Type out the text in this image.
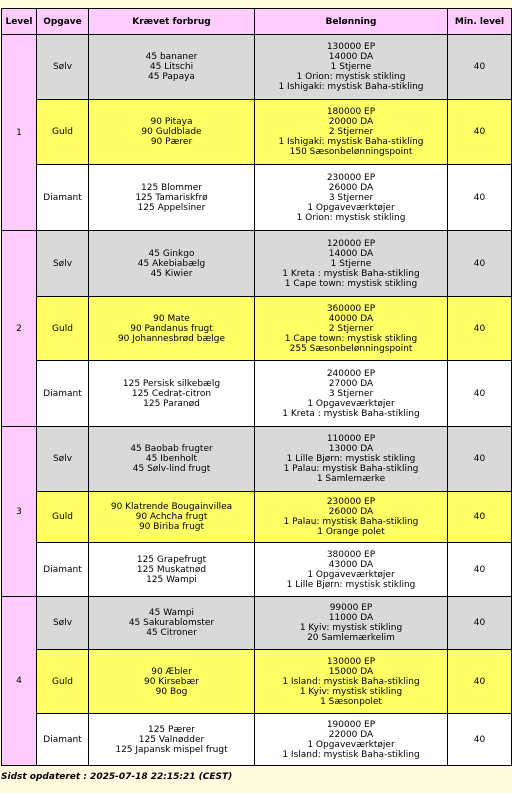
Level	Opgave	Krævet forbrug	Belønning	Min. level
1	Sølv	45 bananer
45 Litschi
45 Papaya	130000 EP
14000 DA
1 Stjerne
1 Orion: mystisk stikling
1 Ishigaki: mystisk Baha-stikling	40
	Guld	90 Pitaya
90 Guldblade
90 Pærer	180000 EP
20000 DA
2 Stjerner
1 Ishigaki: mystisk Baha-stikling
150 Sæsonbelønningspoint	40
	Diamant	125 Blommer
125 Tamariskfrø
125 Appelsiner	230000 EP
26000 DA
3 Stjerner
1 Opgaveværktøjer
1 Orion: mystisk stikling	40
2	Sølv	45 Ginkgo
45 Akebiabælg
45 Kiwier	120000 EP
14000 DA
1 Stjerne
1 Kreta : mystisk Baha-stikling
1 Cape town: mystisk stikling	40
	Guld	90 Mate
90 Pandanus frugt
90 Johannesbrød bælge	360000 EP
40000 DA
2 Stjerner
1 Cape town: mystisk stikling
255 Sæsonbelønningspoint	40
	Diamant	125 Persisk silkebælg
125 Cedrat-citron
125 Paranød	240000 EP
27000 DA
3 Stjerner
1 Opgaveværktøjer
1 Kreta : mystisk Baha-stikling	40
3	Sølv	45 Baobab frugter
45 Ibenholt
45 Sølv-lind frugt	110000 EP
13000 DA
1 Lille Bjørn: mystisk stikling
1 Palau: mystisk Baha-stikling
1 Samlemærke	40
	Guld	90 Klatrende Bougainvillea
90 Achcha frugt
90 Biriba frugt	230000 EP
26000 DA
1 Palau: mystisk Baha-stikling
1 Orange polet	40
	Diamant	125 Grapefrugt
125 Muskatnød
125 Wampi	380000 EP
43000 DA
1 Opgaveværktøjer
1 Lille Bjørn: mystisk stikling	40
4	Sølv	45 Wampi
45 Sakurablomster
45 Citroner	99000 EP
11000 DA
1 Kyiv: mystisk stikling
20 Samlemærkelim	40
	Guld	90 Æbler
90 Kirsebær
90 Bog	130000 EP
15000 DA
1 Island: mystisk Baha-stikling
1 Kyiv: mystisk stikling
1 Sæsonpolet	40
	Diamant	125 Pærer
125 Valnødder
125 Japansk mispel frugt	190000 EP
22000 DA
1 Opgaveværktøjer
1 Island: mystisk Baha-stikling	40
Sidst opdateret : 2025-07-18 22:15:21 (CEST)
